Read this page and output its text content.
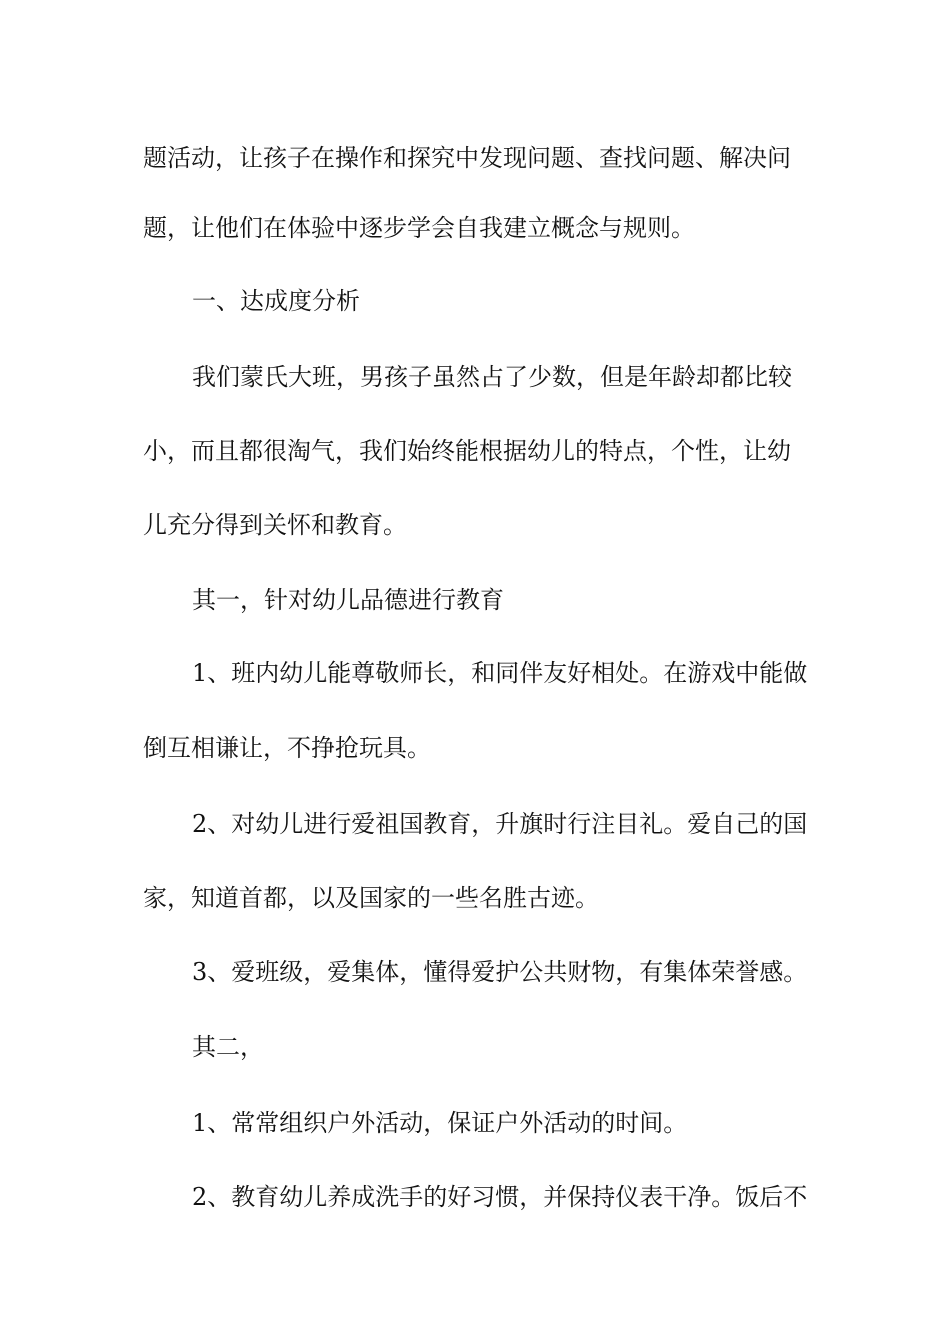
题活动，让孩子在操作和探究中发现问题、查找问题、解决问
题，让他们在体验中逐步学会自我建立概念与规则。
一、达成度分析
我们蒙氏大班，男孩子虽然占了少数，但是年龄却都比较
小，而且都很淘气，我们始终能根据幼儿的特点，个性，让幼
儿充分得到关怀和教育。
其一，针对幼儿品德进行教育
1、班内幼儿能尊敬师长，和同伴友好相处。在游戏中能做
倒互相谦让，不挣抢玩具。
2、对幼儿进行爱祖国教育，升旗时行注目礼。爱自己的国
家，知道首都，以及国家的一些名胜古迹。
3、爱班级，爱集体，懂得爱护公共财物，有集体荣誉感。
其二，
1、常常组织户外活动，保证户外活动的时间。
2、教育幼儿养成洗手的好习惯，并保持仪表干净。饭后不
